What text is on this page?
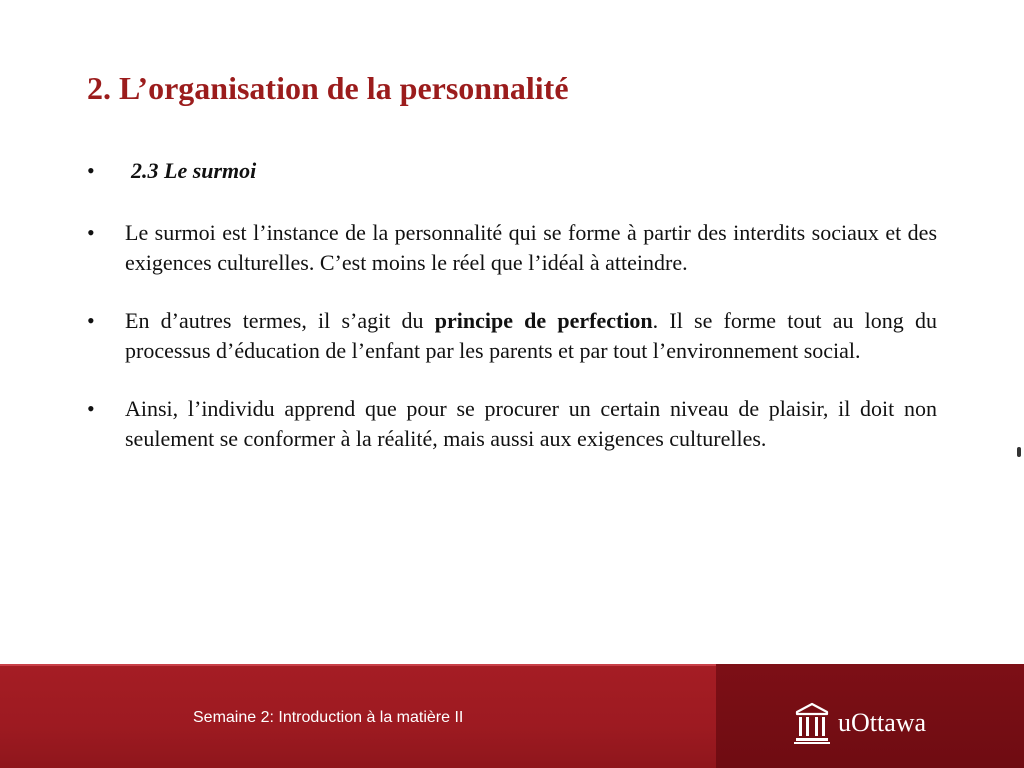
2. L’organisation de la personnalité
•	2.3 Le surmoi
•	Le surmoi est l’instance de la personnalité qui se forme à partir des interdits sociaux et des exigences culturelles. C’est moins le réel que l’idéal à atteindre.
•	En d’autres termes, il s’agit du principe de perfection. Il se forme tout au long du processus d’éducation de l’enfant par les parents et par tout l’environnement social.
•	Ainsi, l’individu apprend que pour se procurer un certain niveau de plaisir, il doit non seulement se conformer à la réalité, mais aussi aux exigences culturelles.
Semaine 2: Introduction à la matière II	uOttawa
